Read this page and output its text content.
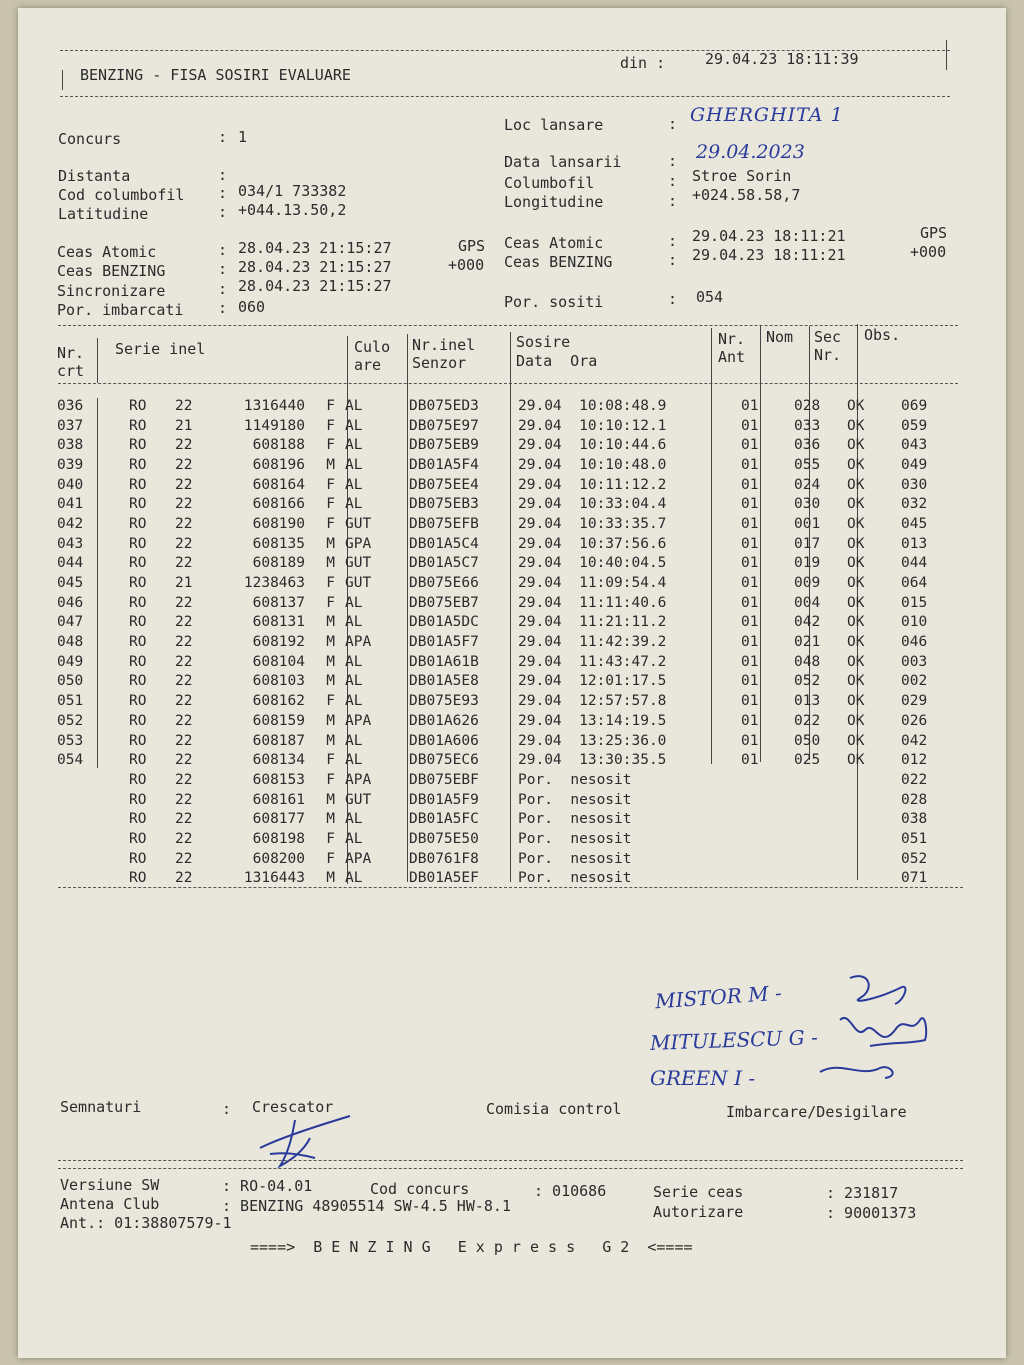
BENZING - FISA SOSIRI EVALUARE
din :	29.04.23 18:11:39
Concurs	: 1
Distanta	:
Cod columbofil : 034/1 733382
Latitudine	: +044.13.50,2
Loc lansare	: GHERGHITA 1
Data lansarii	: 29.04.2023
Columbofil	: Stroe Sorin
Longitudine	: +024.58.58,7
Ceas Atomic	: 28.04.23 21:15:27	GPS
Ceas BENZING	: 28.04.23 21:15:27	+000
Sincronizare	: 28.04.23 21:15:27
Por. imbarcati : 060
Ceas Atomic	: 29.04.23 18:11:21	GPS
Ceas BENZING	: 29.04.23 18:11:21	+000
Por. sositi	: 054
Nr.
crt
Serie inel	Culo
are
Nr.inel
Senzor
Sosire
Data  Ora
Nr.
Ant
Nom Sec
Nr.
Obs.
036	RO	22	1316440	F	AL	DB075ED3	29.04  10:08:48.9	01	028	OK	069
037	RO	21	1149180	F	AL	DB075E97	29.04  10:10:12.1	01	033	OK	059
038	RO	22	608188	F	AL	DB075EB9	29.04  10:10:44.6	01	036	OK	043
039	RO	22	608196	M	AL	DB01A5F4	29.04  10:10:48.0	01	055	OK	049
040	RO	22	608164	F	AL	DB075EE4	29.04  10:11:12.2	01	024	OK	030
041	RO	22	608166	F	AL	DB075EB3	29.04  10:33:04.4	01	030	OK	032
042	RO	22	608190	F	GUT	DB075EFB	29.04  10:33:35.7	01	001	OK	045
043	RO	22	608135	M	GPA	DB01A5C4	29.04  10:37:56.6	01	017	OK	013
044	RO	22	608189	M	GUT	DB01A5C7	29.04  10:40:04.5	01	019	OK	044
045	RO	21	1238463	F	GUT	DB075E66	29.04  11:09:54.4	01	009	OK	064
046	RO	22	608137	F	AL	DB075EB7	29.04  11:11:40.6	01	004	OK	015
047	RO	22	608131	M	AL	DB01A5DC	29.04  11:21:11.2	01	042	OK	010
048	RO	22	608192	M	APA	DB01A5F7	29.04  11:42:39.2	01	021	OK	046
049	RO	22	608104	M	AL	DB01A61B	29.04  11:43:47.2	01	048	OK	003
050	RO	22	608103	M	AL	DB01A5E8	29.04  12:01:17.5	01	052	OK	002
051	RO	22	608162	F	AL	DB075E93	29.04  12:57:57.8	01	013	OK	029
052	RO	22	608159	M	APA	DB01A626	29.04  13:14:19.5	01	022	OK	026
053	RO	22	608187	M	AL	DB01A606	29.04  13:25:36.0	01	050	OK	042
054	RO	22	608134	F	AL	DB075EC6	29.04  13:30:35.5	01	025	OK	012
	RO	22	608153	F	APA	DB075EBF	Por.  nesosit				022
	RO	22	608161	M	GUT	DB01A5F9	Por.  nesosit				028
	RO	22	608177	M	AL	DB01A5FC	Por.  nesosit				038
	RO	22	608198	F	AL	DB075E50	Por.  nesosit				051
	RO	22	608200	F	APA	DB0761F8	Por.  nesosit				052
	RO	22	1316443	M	AL	DB01A5EF	Por.  nesosit				071
MISTOR M -
MITULESCU G -
GREEN I -
Semnaturi	: Crescator	Comisia control	Imbarcare/Desigilare
Versiune SW	: RO-04.01	Cod concurs	: 010686	Serie ceas	: 231817
Antena Club	: BENZING 48905514 SW-4.5 HW-8.1	Autorizare	: 90001373
Ant.: 01:38807579-1
====>  B E N Z I N G   E x p r e s s   G 2  <====
